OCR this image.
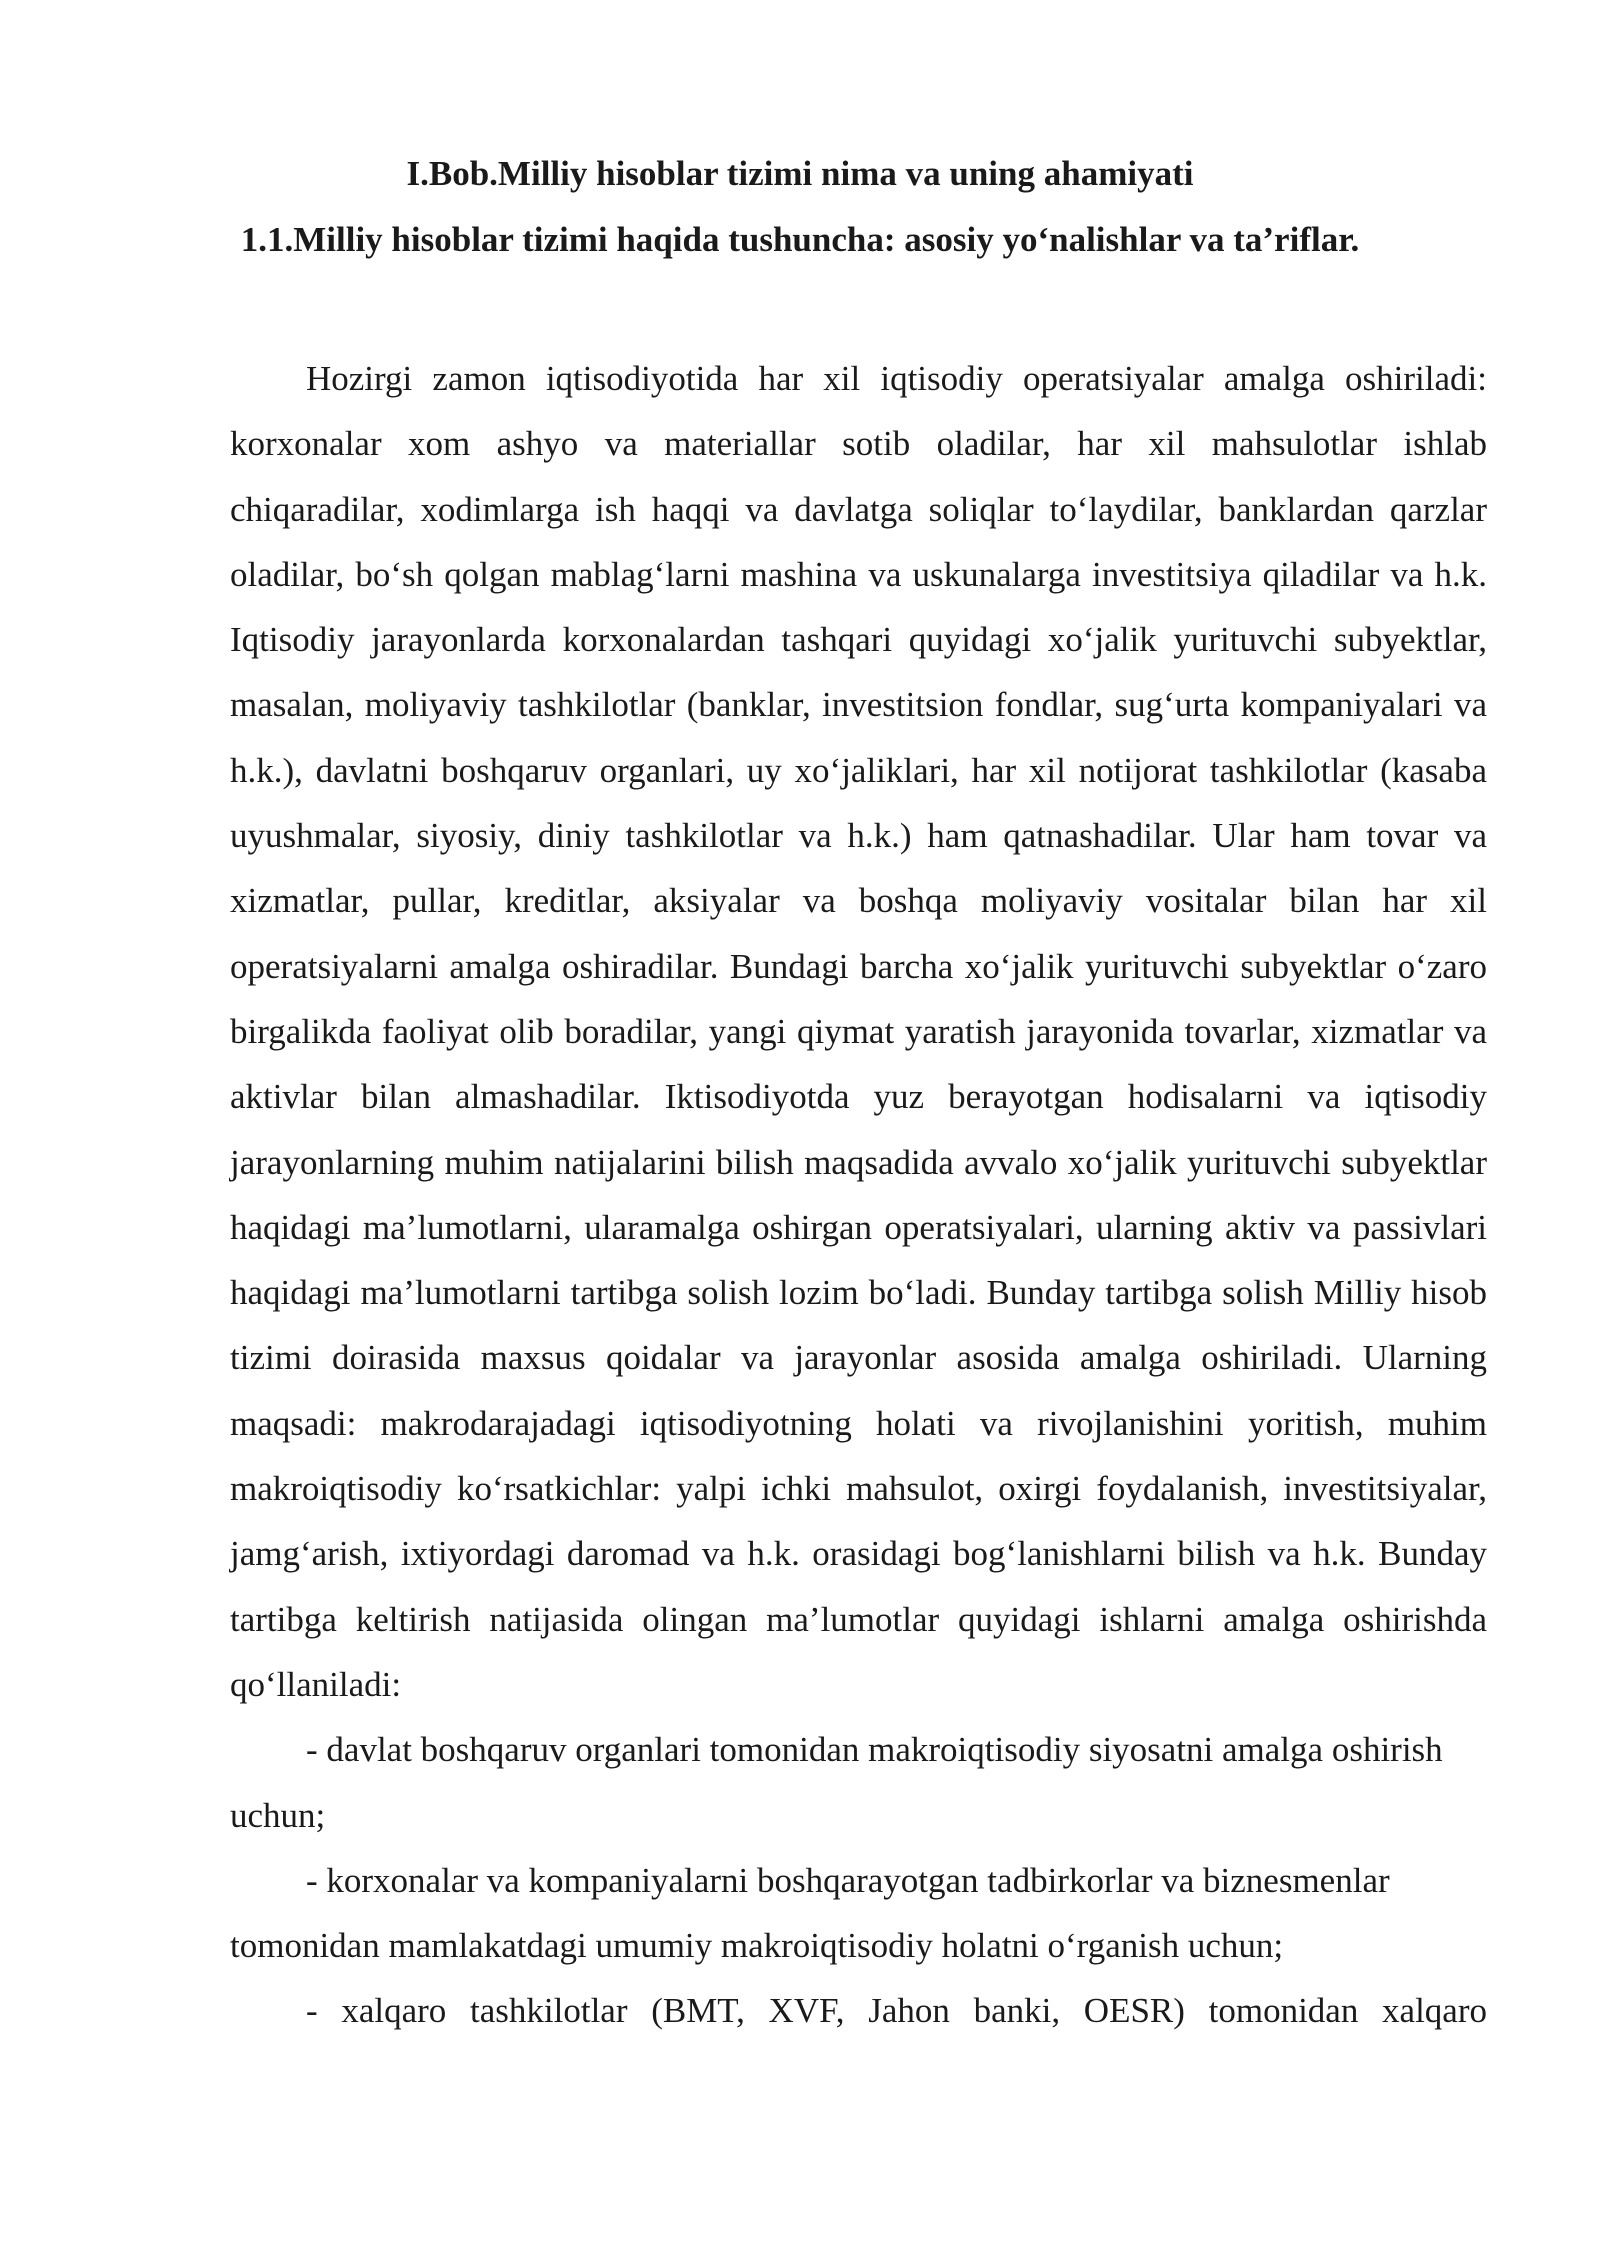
I.Bob.Milliy hisoblar tizimi nima va uning ahamiyati
1.1.Milliy hisoblar tizimi haqida tushuncha: asosiy yo‘nalishlar va ta’riflar.

Hozirgi zamon iqtisodiyotida har xil iqtisodiy operatsiyalar amalga oshiriladi: korxonalar xom ashyo va materiallar sotib oladilar, har xil mahsulotlar ishlab chiqaradilar, xodimlarga ish haqqi va davlatga soliqlar to‘laydilar, banklardan qarzlar oladilar, bo‘sh qolgan mablag‘larni mashina va uskunalarga investitsiya qiladilar va h.k. Iqtisodiy jarayonlarda korxonalardan tashqari quyidagi xo‘jalik yurituvchi subyektlar, masalan, moliyaviy tashkilotlar (banklar, investitsion fondlar, sug‘urta kompaniyalari va h.k.), davlatni boshqaruv organlari, uy xo‘jaliklari, har xil notijorat tashkilotlar (kasaba uyushmalar, siyosiy, diniy tashkilotlar va h.k.) ham qatnashadilar. Ular ham tovar va xizmatlar, pullar, kreditlar, aksiyalar va boshqa moliyaviy vositalar bilan har xil operatsiyalarni amalga oshiradilar. Bundagi barcha xo‘jalik yurituvchi subyektlar o‘zaro birgalikda faoliyat olib boradilar, yangi qiymat yaratish jarayonida tovarlar, xizmatlar va aktivlar bilan almashadilar. Iktisodiyotda yuz berayotgan hodisalarni va iqtisodiy jarayonlarning muhim natijalarini bilish maqsadida avvalo xo‘jalik yurituvchi subyektlar haqidagi ma’lumotlarni, ularamalga oshirgan operatsiyalari, ularning aktiv va passivlari haqidagi ma’lumotlarni tartibga solish lozim bo‘ladi. Bunday tartibga solish Milliy hisob tizimi doirasida maxsus qoidalar va jarayonlar asosida amalga oshiriladi. Ularning maqsadi: makrodarajadagi iqtisodiyotning holati va rivojlanishini yoritish, muhim makroiqtisodiy ko‘rsatkichlar: yalpi ichki mahsulot, oxirgi foydalanish, investitsiyalar, jamg‘arish, ixtiyordagi daromad va h.k. orasidagi bog‘lanishlarni bilish va h.k. Bunday tartibga keltirish natijasida olingan ma’lumotlar quyidagi ishlarni amalga oshirishda qo‘llaniladi:

- davlat boshqaruv organlari tomonidan makroiqtisodiy siyosatni amalga oshirish uchun;

- korxonalar va kompaniyalarni boshqarayotgan tadbirkorlar va biznesmenlar tomonidan mamlakatdagi umumiy makroiqtisodiy holatni o‘rganish uchun;

- xalqaro tashkilotlar (BMT, XVF, Jahon banki, OESR) tomonidan xalqaro
